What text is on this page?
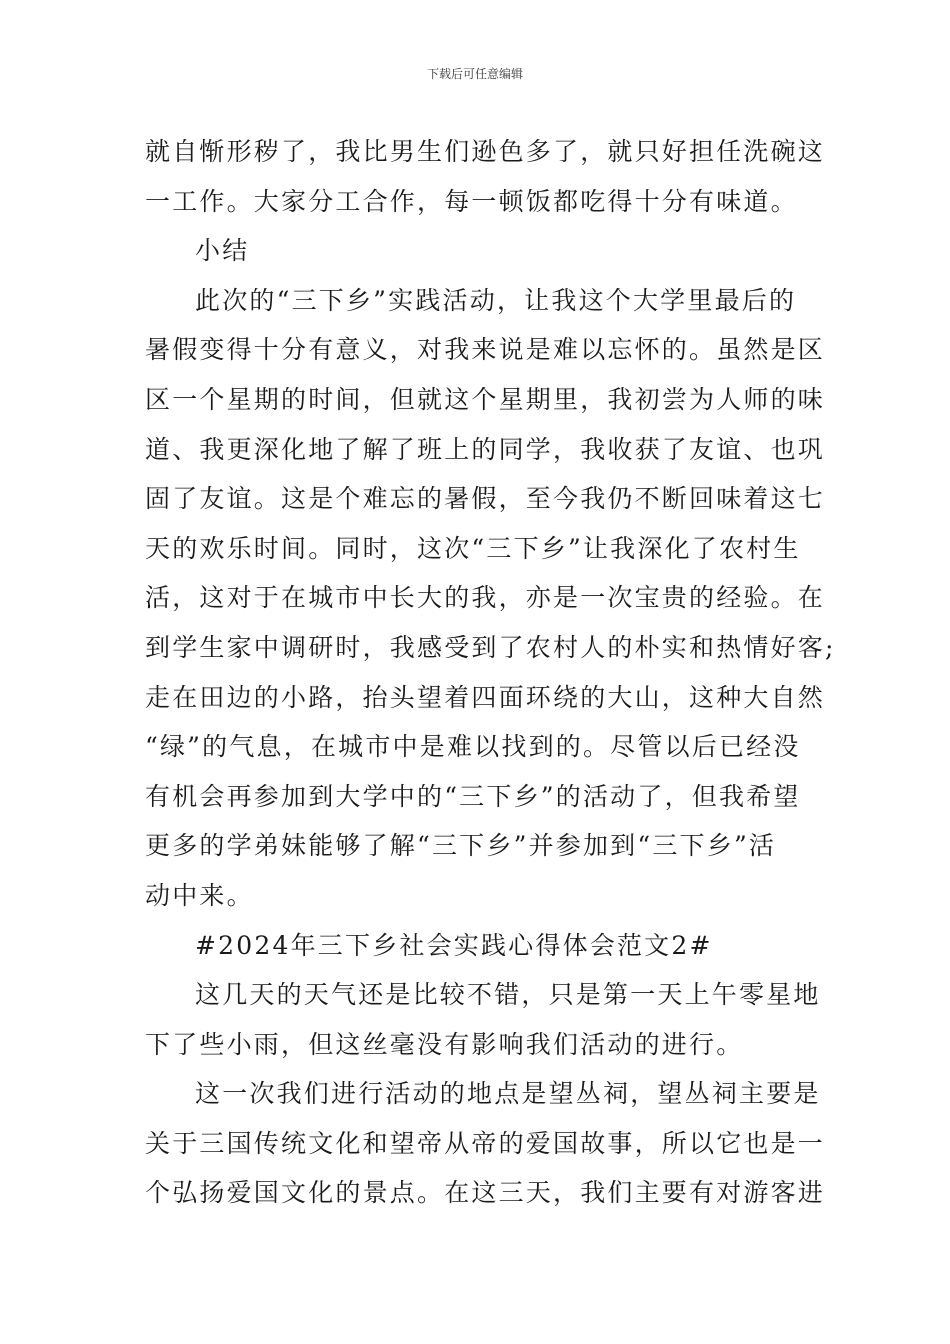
下载后可任意编辑

就自惭形秽了，我比男生们逊色多了，就只好担任洗碗这
一工作。大家分工合作，每一顿饭都吃得十分有味道。

小结

此次的“三下乡”实践活动，让我这个大学里最后的
暑假变得十分有意义，对我来说是难以忘怀的。虽然是区
区一个星期的时间，但就这个星期里，我初尝为人师的味
道、我更深化地了解了班上的同学，我收获了友谊、也巩
固了友谊。这是个难忘的暑假，至今我仍不断回味着这七
天的欢乐时间。同时，这次“三下乡”让我深化了农村生
活，这对于在城市中长大的我，亦是一次宝贵的经验。在
到学生家中调研时，我感受到了农村人的朴实和热情好客;
走在田边的小路，抬头望着四面环绕的大山，这种大自然
“绿”的气息，在城市中是难以找到的。尽管以后已经没
有机会再参加到大学中的“三下乡”的活动了，但我希望
更多的学弟妹能够了解“三下乡”并参加到“三下乡”活
动中来。

#2024年三下乡社会实践心得体会范文2#

这几天的天气还是比较不错，只是第一天上午零星地
下了些小雨，但这丝毫没有影响我们活动的进行。

这一次我们进行活动的地点是望丛祠，望丛祠主要是
关于三国传统文化和望帝从帝的爱国故事，所以它也是一
个弘扬爱国文化的景点。在这三天，我们主要有对游客进
